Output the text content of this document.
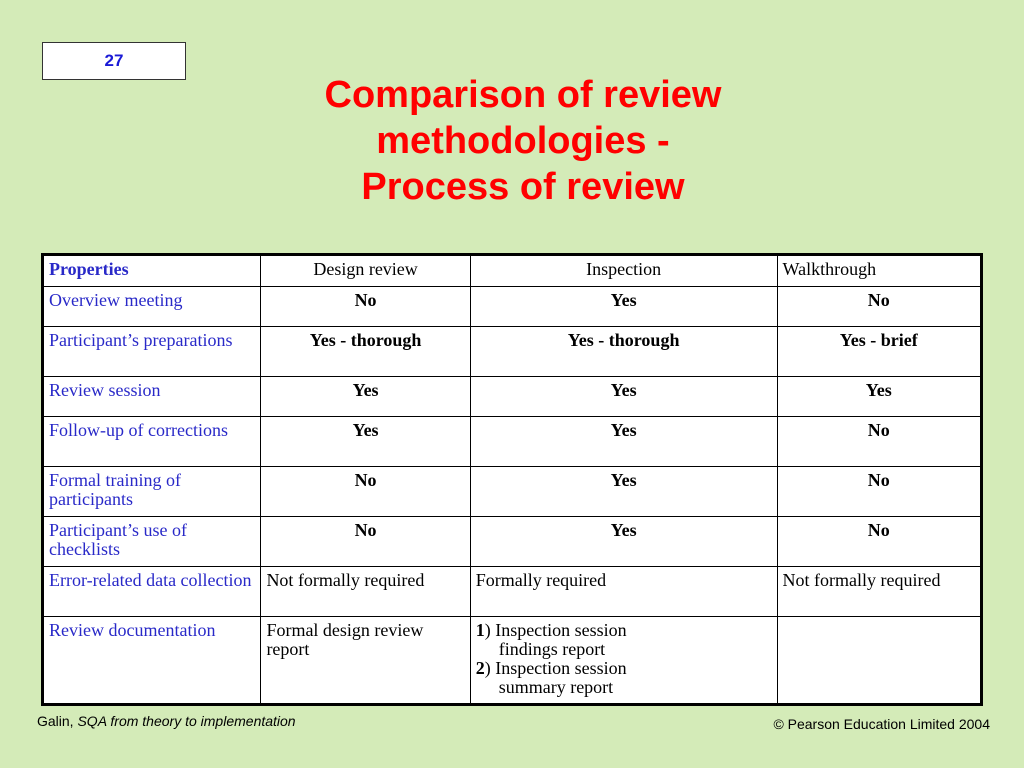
27
Comparison of review
methodologies -
Process of review
Properties	Design review	Inspection	Walkthrough
Overview meeting	No	Yes	No
Participant’s preparations	Yes - thorough	Yes - thorough	Yes - brief
Review session	Yes	Yes	Yes
Follow-up of corrections	Yes	Yes	No
Formal training of participants	No	Yes	No
Participant’s use of checklists	No	Yes	No
Error-related data collection	Not formally required	Formally required	Not formally required
Review documentation	Formal design review report	1) Inspection session
findings report
2) Inspection session
summary report	

Galin, SQA from theory to implementation	© Pearson Education Limited 2004
